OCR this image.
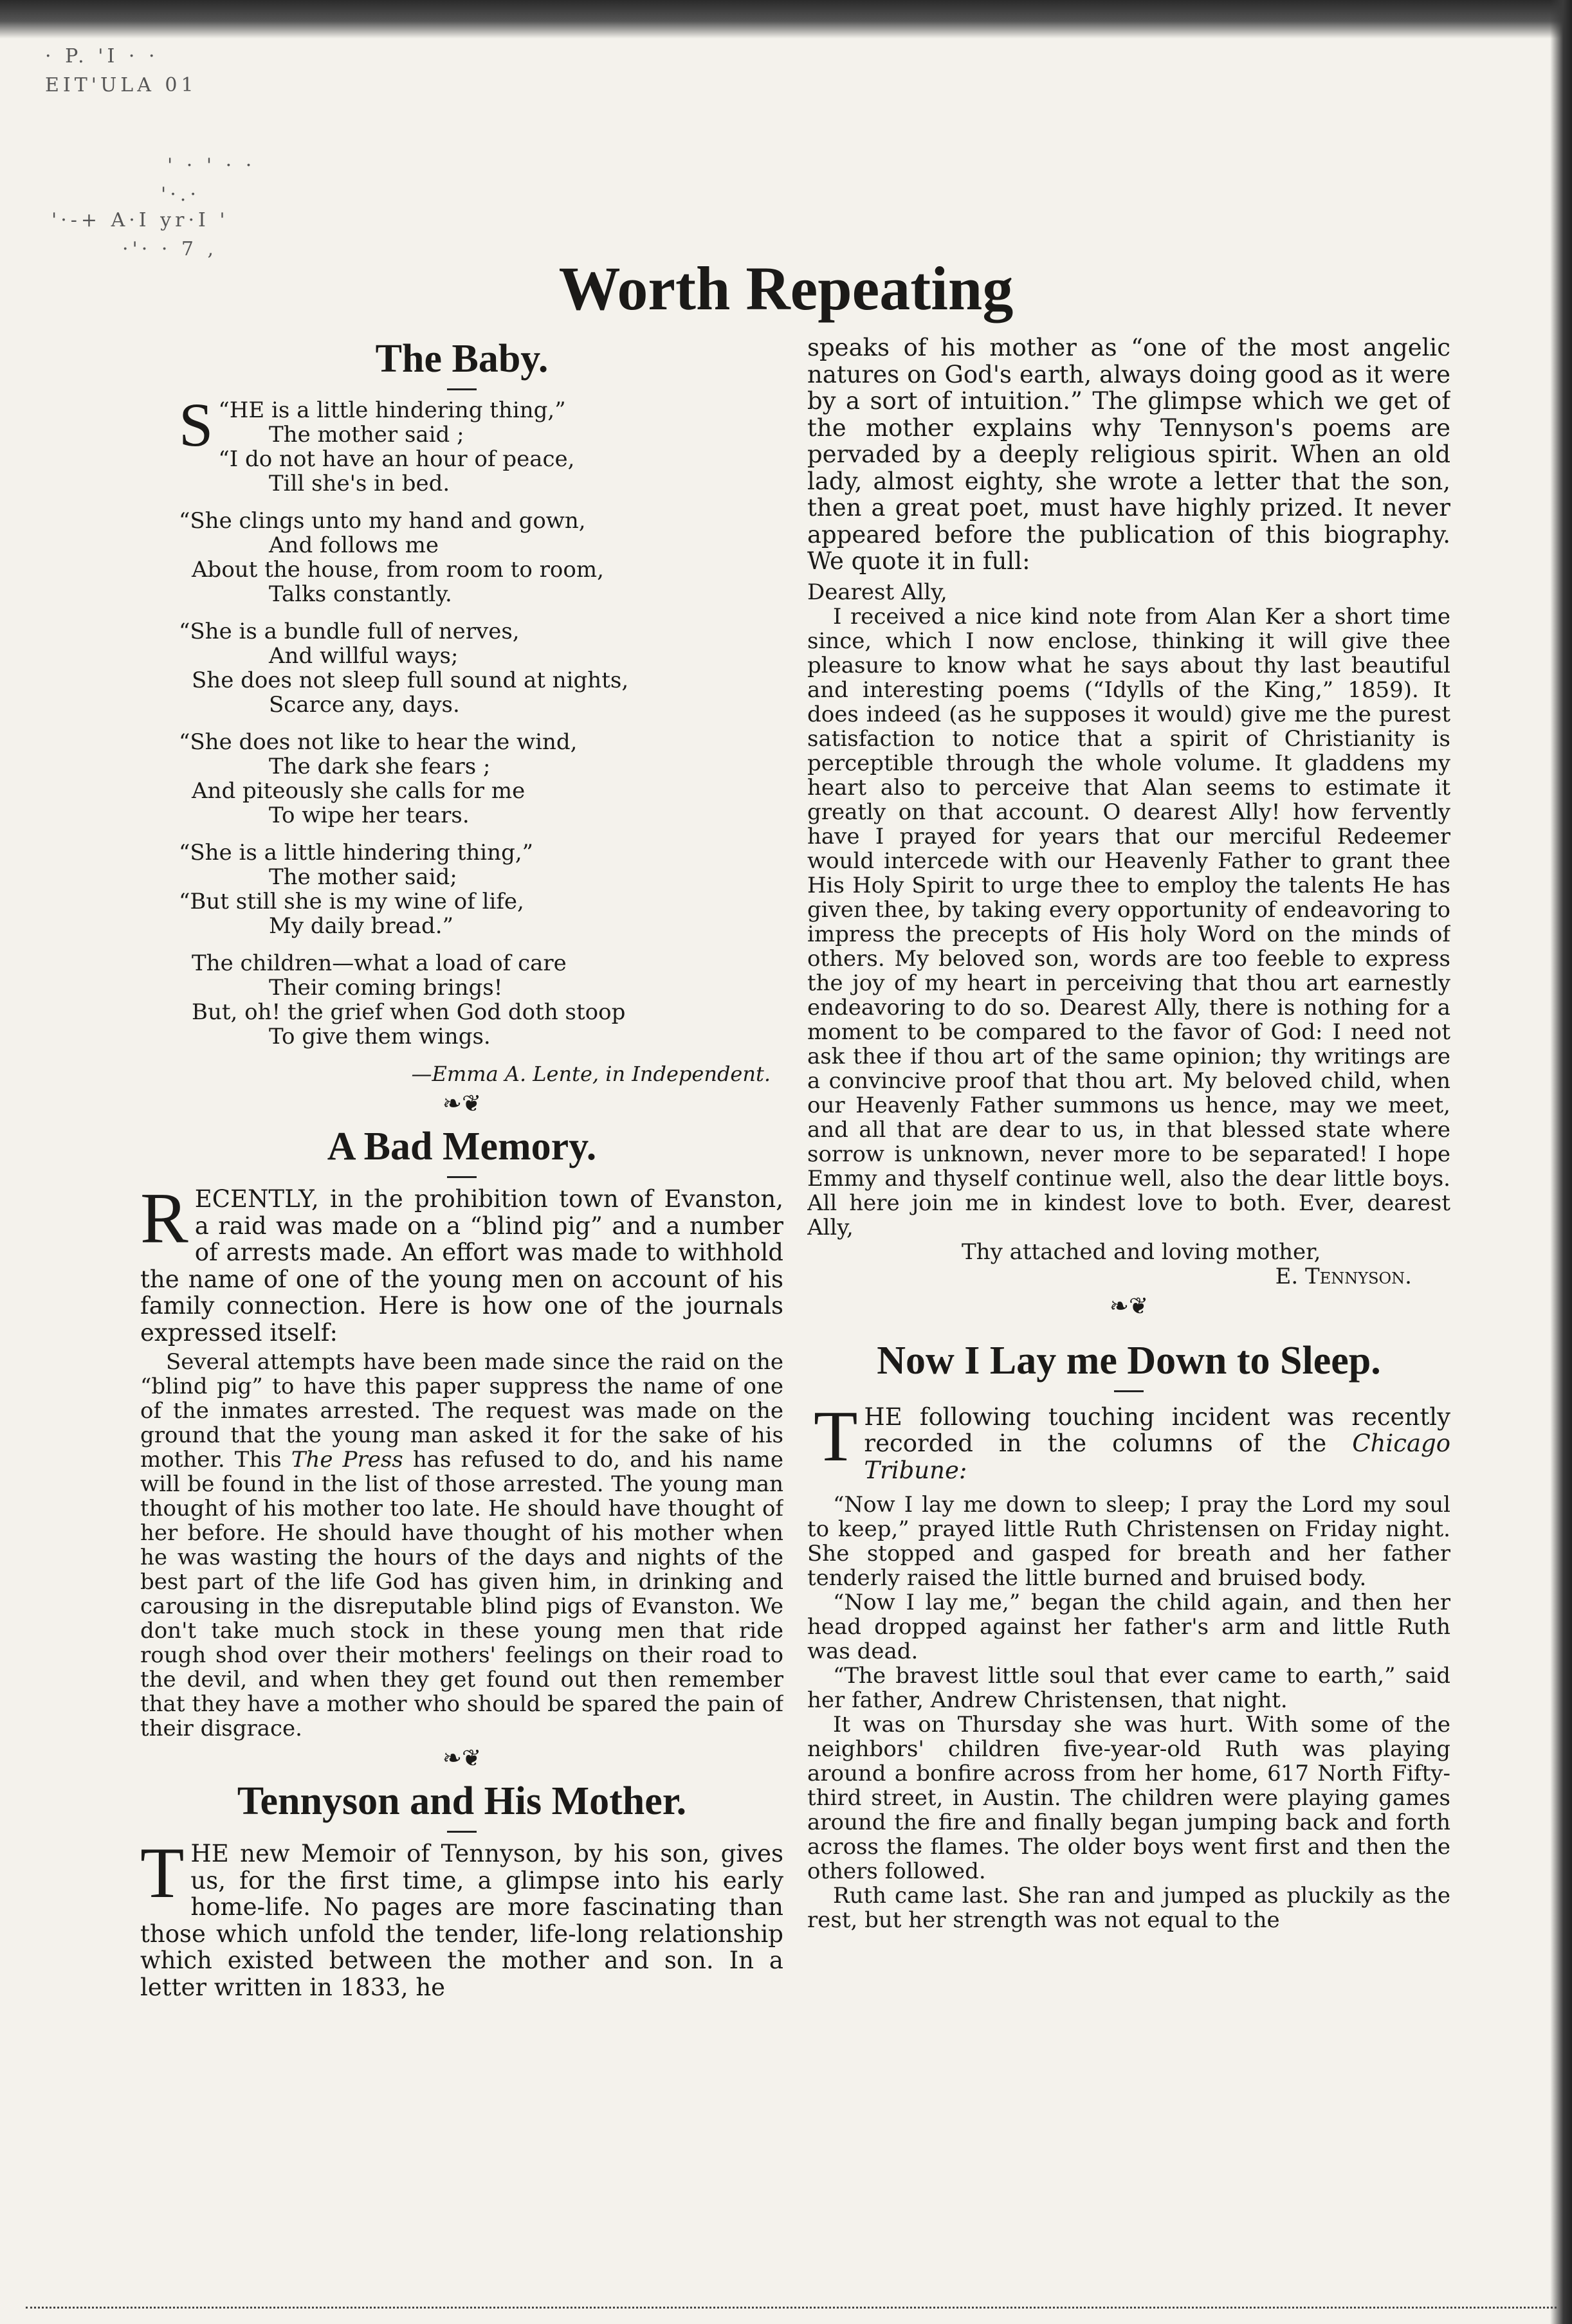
· P. 'I · ·
EIT'ULA 01
' · ' · ·
'·.·
'·-+ A·I yr·I '
·'· · 7 ,
Worth Repeating
The Baby.

“
S HE is a little hindering thing,”

The mother said ;

“I do not have an hour of peace,

Till she's in bed.

“She clings unto my hand and gown,

And follows me

About the house, from room to room,

Talks constantly.

“She is a bundle full of nerves,

And willful ways;

She does not sleep full sound at nights,

Scarce any, days.

“She does not like to hear the wind,

The dark she fears ;

And piteously she calls for me

To wipe her tears.

“She is a little hindering thing,”

The mother said;

“But still she is my wine of life,

My daily bread.”

The children—what a load of care

Their coming brings!

But, oh! the grief when God doth stoop

To give them wings.

—Emma A. Lente, in Independent.
❧❦
A Bad Memory.

RECENTLY, in the prohibition town of Evanston, a raid was made on a “blind pig” and a number of arrests made. An effort was made to withhold the name of one of the young men on account of his family connection. Here is how one of the journals expressed itself:

Several attempts have been made since the raid on the “blind pig” to have this paper suppress the name of one of the inmates arrested. The request was made on the ground that the young man asked it for the sake of his mother. This The Press has refused to do, and his name will be found in the list of those arrested. The young man thought of his mother too late. He should have thought of her before. He should have thought of his mother when he was wasting the hours of the days and nights of the best part of the life God has given him, in drinking and carousing in the disreputable blind pigs of Evanston. We don't take much stock in these young men that ride rough shod over their mothers' feelings on their road to the devil, and when they get found out then remember that they have a mother who should be spared the pain of their disgrace.

❧❦
Tennyson and His Mother.

THE new Memoir of Tennyson, by his son, gives us, for the first time, a glimpse into his early home-life. No pages are more fascinating than those which unfold the tender, life-long relationship which existed between the mother and son. In a letter written in 1833, he

speaks of his mother as “one of the most angelic natures on God's earth, always doing good as it were by a sort of intuition.” The glimpse which we get of the mother explains why Tennyson's poems are pervaded by a deeply religious spirit. When an old lady, almost eighty, she wrote a letter that the son, then a great poet, must have highly prized. It never appeared before the publication of this biography. We quote it in full:

Dearest Ally,

I received a nice kind note from Alan Ker a short time since, which I now enclose, thinking it will give thee pleasure to know what he says about thy last beautiful and interesting poems (“Idylls of the King,” 1859). It does indeed (as he supposes it would) give me the purest satisfaction to notice that a spirit of Christianity is perceptible through the whole volume. It gladdens my heart also to perceive that Alan seems to estimate it greatly on that account. O dearest Ally! how fervently have I prayed for years that our merciful Redeemer would intercede with our Heavenly Father to grant thee His Holy Spirit to urge thee to employ the talents He has given thee, by taking every opportunity of endeavoring to impress the precepts of His holy Word on the minds of others. My beloved son, words are too feeble to express the joy of my heart in perceiving that thou art earnestly endeavoring to do so. Dearest Ally, there is nothing for a moment to be compared to the favor of God: I need not ask thee if thou art of the same opinion; thy writings are a convincive proof that thou art. My beloved child, when our Heavenly Father summons us hence, may we meet, and all that are dear to us, in that blessed state where sorrow is unknown, never more to be separated! I hope Emmy and thyself continue well, also the dear little boys. All here join me in kindest love to both. Ever, dearest Ally,

Thy attached and loving mother,

E. Tennyson.

❧❦
Now I Lay me Down to Sleep.

THE following touching incident was recently recorded in the columns of the Chicago Tribune:

“Now I lay me down to sleep; I pray the Lord my soul to keep,” prayed little Ruth Christensen on Friday night. She stopped and gasped for breath and her father tenderly raised the little burned and bruised body.

“Now I lay me,” began the child again, and then her head dropped against her father's arm and little Ruth was dead.

“The bravest little soul that ever came to earth,” said her father, Andrew Christensen, that night.

It was on Thursday she was hurt. With some of the neighbors' children five-year-old Ruth was playing around a bonfire across from her home, 617 North Fifty-third street, in Austin. The children were playing games around the fire and finally began jumping back and forth across the flames. The older boys went first and then the others followed.

Ruth came last. She ran and jumped as pluckily as the rest, but her strength was not equal to the
